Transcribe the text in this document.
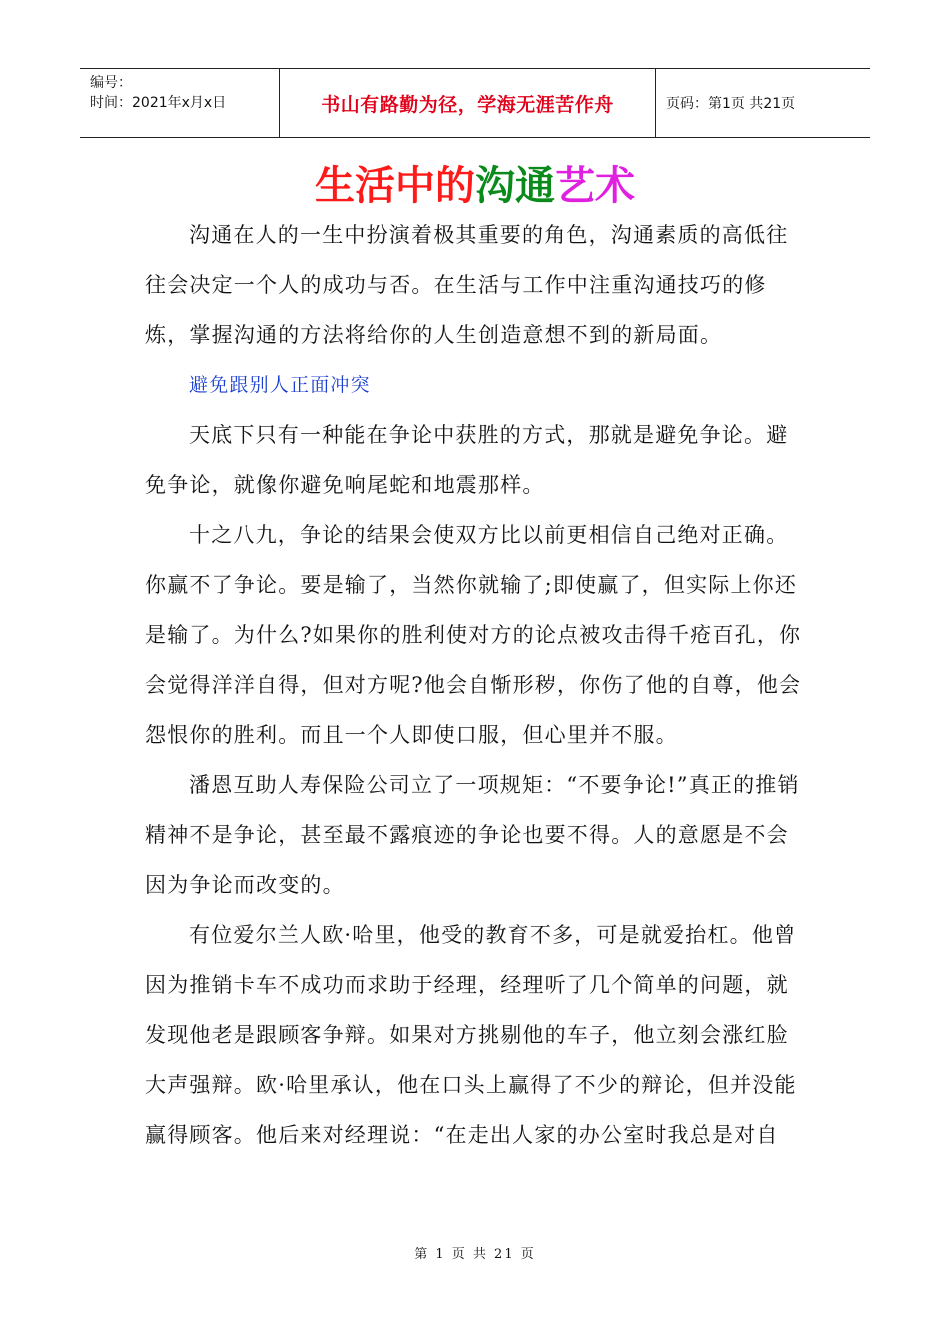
编号：
时间：2021年x月x日	书山有路勤为径，学海无涯苦作舟	页码：第1页 共21页
生活中的沟通艺术

沟通在人的一生中扮演着极其重要的角色，沟通素质的高低往往会决定一个人的成功与否。在生活与工作中注重沟通技巧的修炼，掌握沟通的方法将给你的人生创造意想不到的新局面。

避免跟别人正面冲突

天底下只有一种能在争论中获胜的方式，那就是避免争论。避免争论，就像你避免响尾蛇和地震那样。

十之八九，争论的结果会使双方比以前更相信自己绝对正确。你赢不了争论。要是输了，当然你就输了;即使赢了，但实际上你还是输了。为什么?如果你的胜利使对方的论点被攻击得千疮百孔，你会觉得洋洋自得，但对方呢?他会自惭形秽，你伤了他的自尊，他会怨恨你的胜利。而且一个人即使口服，但心里并不服。

潘恩互助人寿保险公司立了一项规矩：“不要争论!”真正的推销精神不是争论，甚至最不露痕迹的争论也要不得。人的意愿是不会因为争论而改变的。

有位爱尔兰人欧·哈里，他受的教育不多，可是就爱抬杠。他曾因为推销卡车不成功而求助于经理，经理听了几个简单的问题，就发现他老是跟顾客争辩。如果对方挑剔他的车子，他立刻会涨红脸大声强辩。欧·哈里承认，他在口头上赢得了不少的辩论，但并没能赢得顾客。他后来对经理说：“在走出人家的办公室时我总是对自

第 1 页 共 21 页
